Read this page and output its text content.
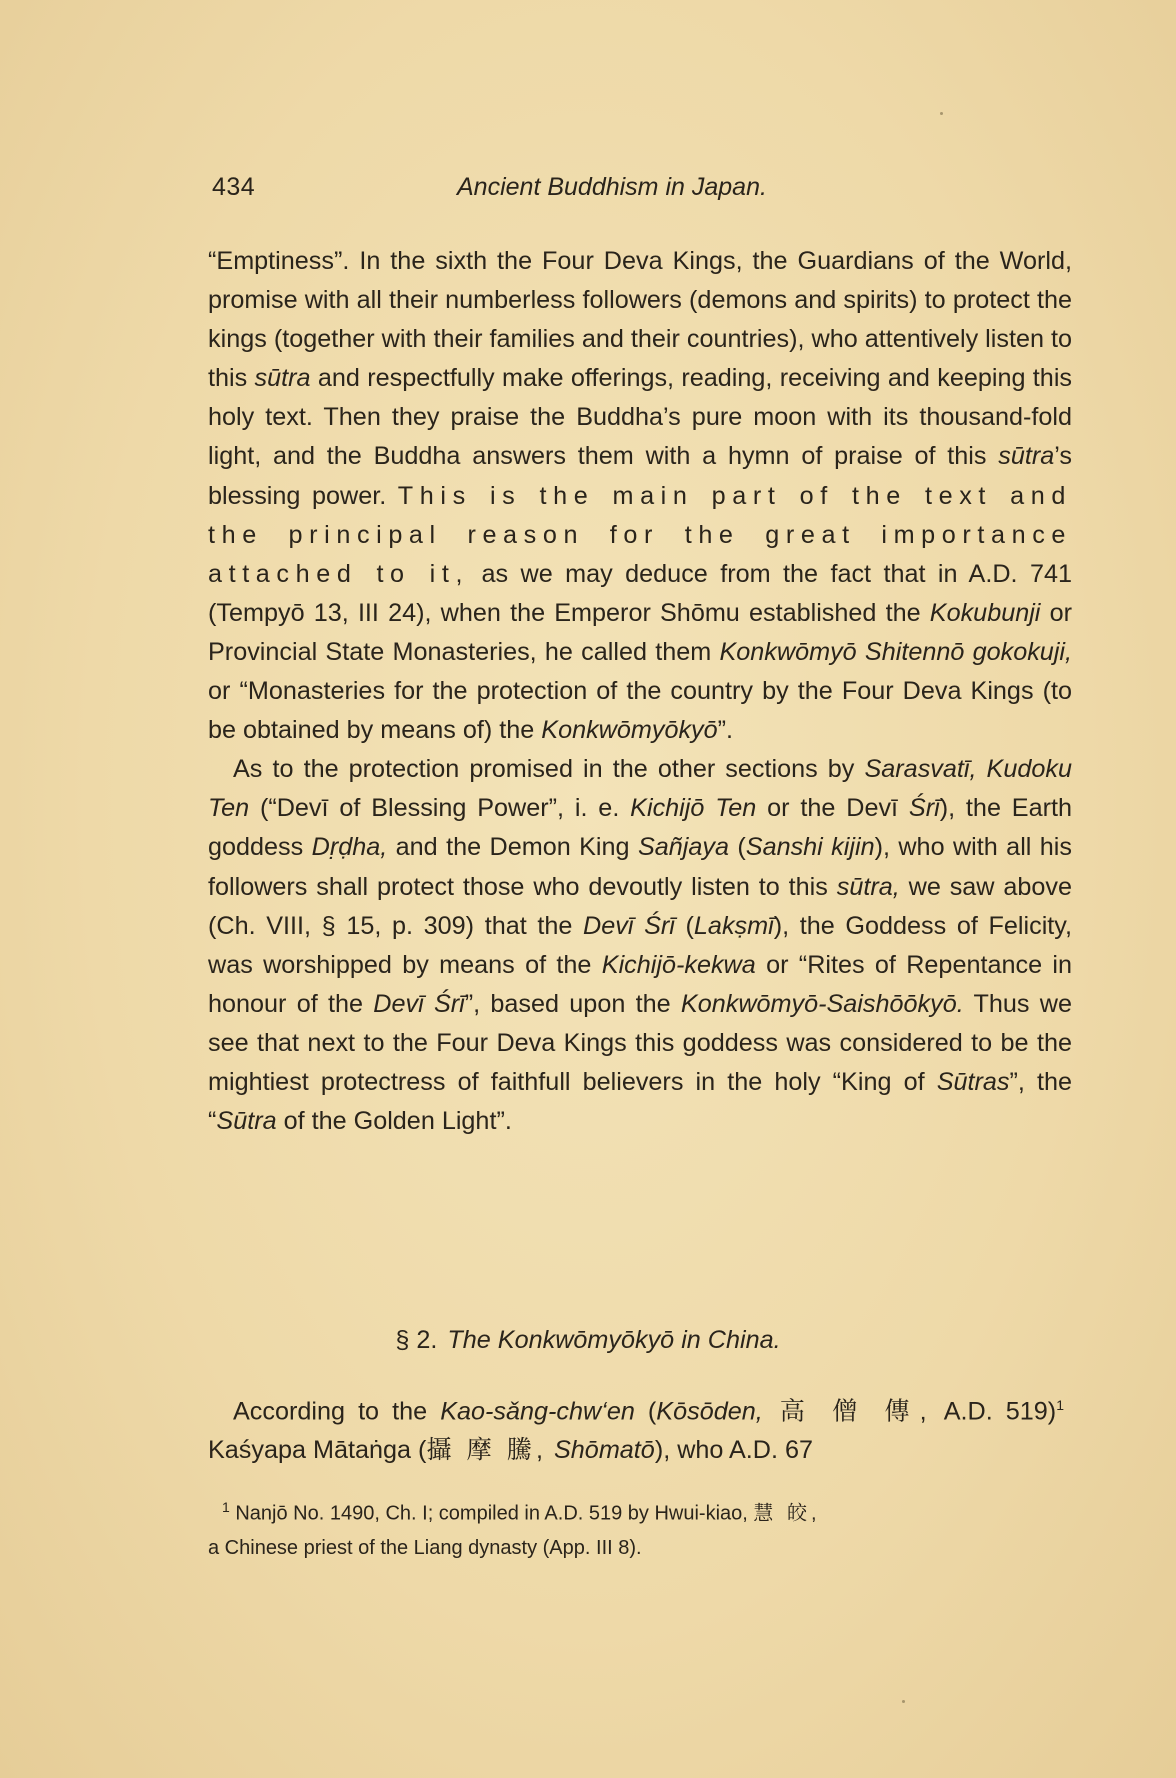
434	Ancient Buddhism in Japan.

“Emptiness”. In the sixth the Four Deva Kings, the Guardians of the World, promise with all their numberless followers (demons and spirits) to protect the kings (together with their families and their countries), who attentively listen to this sūtra and respectfully make offerings, reading, receiving and keeping this holy text. Then they praise the Buddha’s pure moon with its thousand-fold light, and the Buddha answers them with a hymn of praise of this sūtra’s blessing power. This is the main part of the text and the principal reason for the great importance attached to it, as we may deduce from the fact that in A.D. 741 (Tempyō 13, III 24), when the Emperor Shōmu established the Kokubunji or Provincial State Monasteries, he called them Konkwōmyō Shitennō gokokuji, or “Monasteries for the protection of the country by the Four Deva Kings (to be obtained by means of) the Konkwōmyōkyō”.

As to the protection promised in the other sections by Sarasvatī, Kudoku Ten (“Devī of Blessing Power”, i. e. Kichijō Ten or the Devī Śrī), the Earth goddess Dṛḍha, and the Demon King Sañjaya (Sanshi kijin), who with all his followers shall protect those who devoutly listen to this sūtra, we saw above (Ch. VIII, § 15, p. 309) that the Devī Śrī (Lakṣmī), the Goddess of Felicity, was worshipped by means of the Kichijō-kekwa or “Rites of Repentance in honour of the Devī Śrī”, based upon the Konkwōmyō-Saishōōkyō. Thus we see that next to the Four Deva Kings this goddess was considered to be the mightiest protectress of faithfull believers in the holy “King of Sūtras”, the “Sūtra of the Golden Light”.

§ 2. The Konkwōmyōkyō in China.

According to the Kao-sǎng-chw‘en (Kōsōden, 高 僧 傳, A.D. 519)$^1$ Kaśyapa Mātaṅga (攝 摩 騰, Shōmatō), who A.D. 67

$^1$ Nanjō No. 1490, Ch. I; compiled in A.D. 519 by Hwui-kiao, 慧 皎,
a Chinese priest of the Liang dynasty (App. III 8).
